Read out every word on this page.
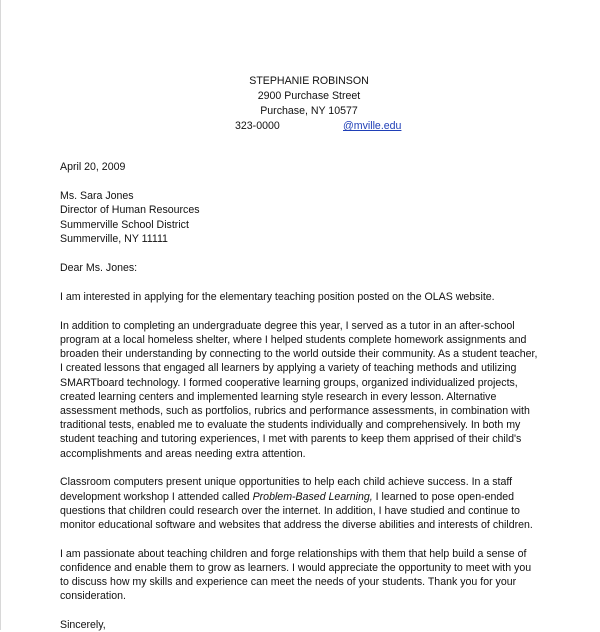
STEPHANIE ROBINSON
2900 Purchase Street
Purchase, NY 10577
323-0000	@mville.edu

April 20, 2009

Ms. Sara Jones
Director of Human Resources
Summerville School District
Summerville, NY 11111

Dear Ms. Jones:

I am interested in applying for the elementary teaching position posted on the OLAS website.

In addition to completing an undergraduate degree this year, I served as a tutor in an after-school
program at a local homeless shelter, where I helped students complete homework assignments and
broaden their understanding by connecting to the world outside their community. As a student teacher,
I created lessons that engaged all learners by applying a variety of teaching methods and utilizing
SMARTboard technology. I formed cooperative learning groups, organized individualized projects,
created learning centers and implemented learning style research in every lesson. Alternative
assessment methods, such as portfolios, rubrics and performance assessments, in combination with
traditional tests, enabled me to evaluate the students individually and comprehensively. In both my
student teaching and tutoring experiences, I met with parents to keep them apprised of their child's
accomplishments and areas needing extra attention.

Classroom computers present unique opportunities to help each child achieve success. In a staff
development workshop I attended called Problem-Based Learning, I learned to pose open-ended
questions that children could research over the internet. In addition, I have studied and continue to
monitor educational software and websites that address the diverse abilities and interests of children.

I am passionate about teaching children and forge relationships with them that help build a sense of
confidence and enable them to grow as learners. I would appreciate the opportunity to meet with you
to discuss how my skills and experience can meet the needs of your students. Thank you for your
consideration.

Sincerely,
